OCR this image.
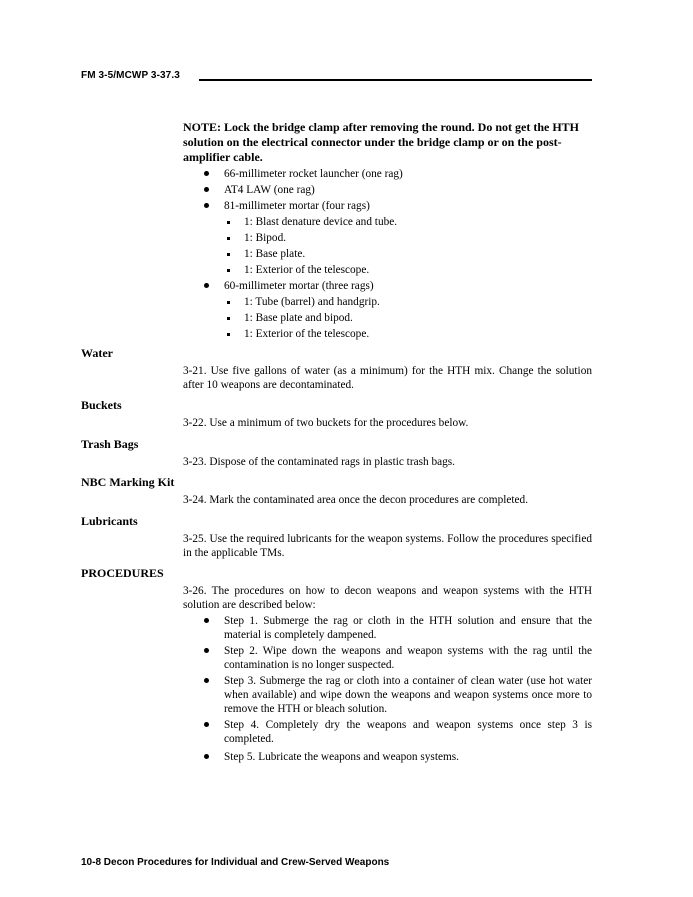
FM 3-5/MCWP 3-37.3
NOTE: Lock the bridge clamp after removing the round. Do not get the HTH solution on the electrical connector under the bridge clamp or on the post-amplifier cable.
66-millimeter rocket launcher (one rag)
AT4 LAW (one rag)
81-millimeter mortar (four rags)
1: Blast denature device and tube.
1: Bipod.
1: Base plate.
1: Exterior of the telescope.
60-millimeter mortar (three rags)
1: Tube (barrel) and handgrip.
1: Base plate and bipod.
1: Exterior of the telescope.
Water
3-21. Use five gallons of water (as a minimum) for the HTH mix. Change the solution after 10 weapons are decontaminated.
Buckets
3-22. Use a minimum of two buckets for the procedures below.
Trash Bags
3-23. Dispose of the contaminated rags in plastic trash bags.
NBC Marking Kit
3-24. Mark the contaminated area once the decon procedures are completed.
Lubricants
3-25. Use the required lubricants for the weapon systems. Follow the procedures specified in the applicable TMs.
PROCEDURES
3-26. The procedures on how to decon weapons and weapon systems with the HTH solution are described below:
Step 1. Submerge the rag or cloth in the HTH solution and ensure that the material is completely dampened.
Step 2. Wipe down the weapons and weapon systems with the rag until the contamination is no longer suspected.
Step 3. Submerge the rag or cloth into a container of clean water (use hot water when available) and wipe down the weapons and weapon systems once more to remove the HTH or bleach solution.
Step 4. Completely dry the weapons and weapon systems once step 3 is completed.
Step 5. Lubricate the weapons and weapon systems.
10-8 Decon Procedures for Individual and Crew-Served Weapons
